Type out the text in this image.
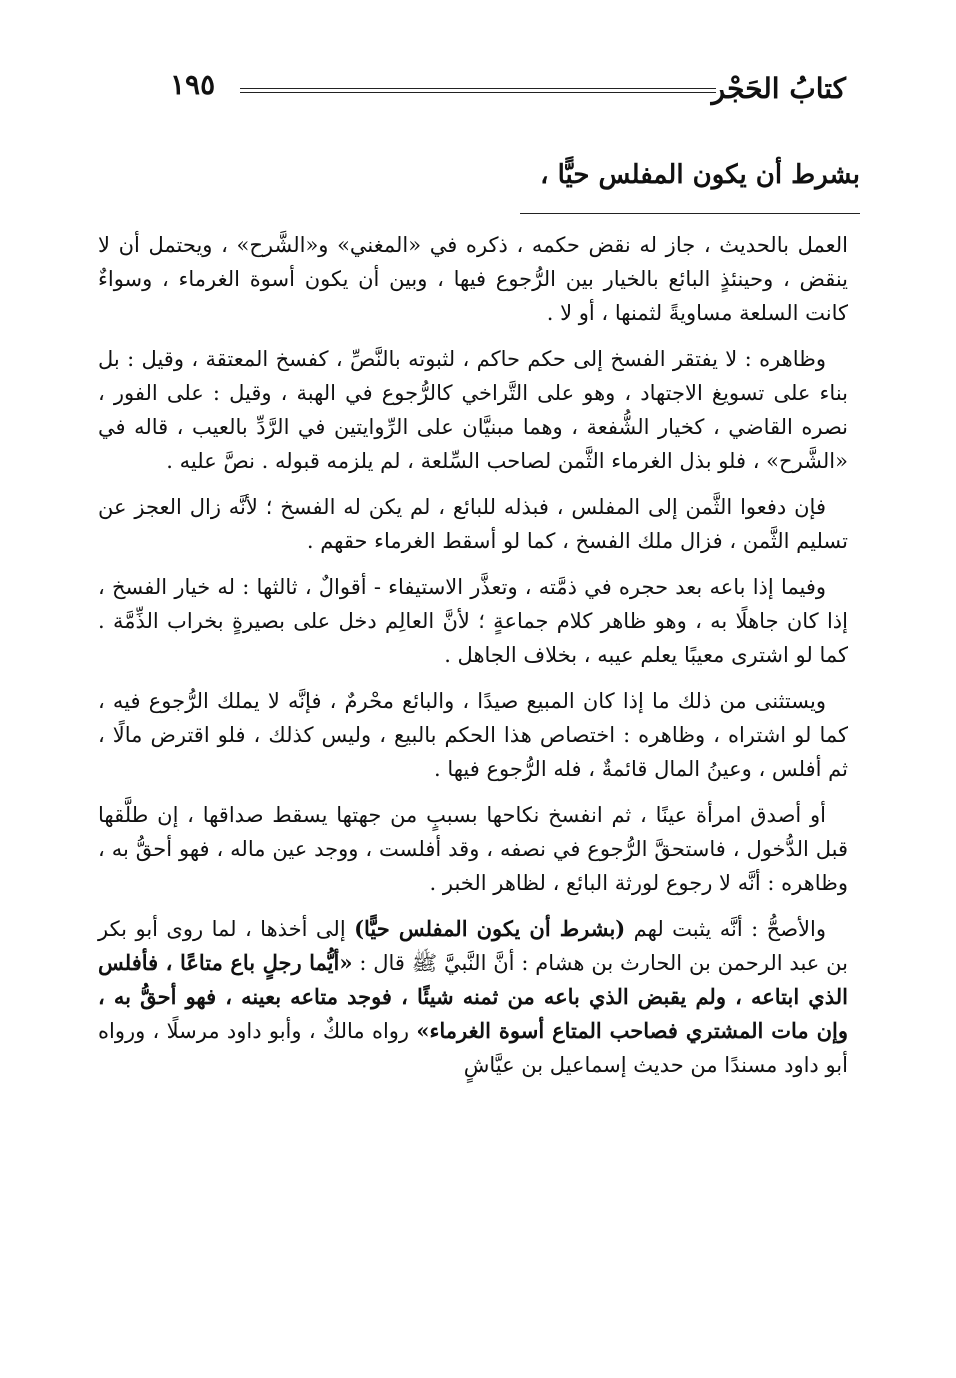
كتابُ الحَجْر
١٩٥
بشرط أن يكون المفلس حيًّا ،

العمل بالحديث ، جاز له نقض حكمه ، ذكره في «المغني» و«الشَّرح» ، ويحتمل أن لا ينقض ، وحينئذٍ البائع بالخيار بين الرُّجوع فيها ، وبين أن يكون أسوة الغرماء ، وسواءٌ كانت السلعة مساويةً لثمنها ، أو لا .

وظاهره : لا يفتقر الفسخ إلى حكم حاكم ، لثبوته بالنَّصِّ ، كفسخ المعتقة ، وقيل : بل بناء على تسويغ الاجتهاد ، وهو على التَّراخي كالرُّجوع في الهبة ، وقيل : على الفور ، نصره القاضي ، كخيار الشُّفعة ، وهما مبنيَّان على الرِّوايتين في الرَّدِّ بالعيب ، قاله في «الشَّرح» ، فلو بذل الغرماء الثَّمن لصاحب السِّلعة ، لم يلزمه قبوله . نصَّ عليه .

فإن دفعوا الثَّمن إلى المفلس ، فبذله للبائع ، لم يكن له الفسخ ؛ لأنَّه زال العجز عن تسليم الثَّمن ، فزال ملك الفسخ ، كما لو أسقط الغرماء حقهم .

وفيما إذا باعه بعد حجره في ذمَّته ، وتعذَّر الاستيفاء - أقوالٌ ، ثالثها : له خيار الفسخ ، إذا كان جاهلًا به ، وهو ظاهر كلام جماعةٍ ؛ لأنَّ العالِم دخل على بصيرةٍ بخراب الذِّمَّة . كما لو اشترى معيبًا يعلم عيبه ، بخلاف الجاهل .

ويستثنى من ذلك ما إذا كان المبيع صيدًا ، والبائع محْرمٌ ، فإنَّه لا يملك الرُّجوع فيه ، كما لو اشتراه ، وظاهره : اختصاص هذا الحكم بالبيع ، وليس كذلك ، فلو اقترض مالًا ، ثم أفلس ، وعينُ المال قائمةٌ ، فله الرُّجوع فيها .

أو أصدق امرأة عينًا ، ثم انفسخ نكاحها بسببٍ من جهتها يسقط صداقها ، إن طلَّقها قبل الدُّخول ، فاستحقَّ الرُّجوع في نصفه ، وقد أفلست ، ووجد عين ماله ، فهو أحقُّ به ، وظاهره : أنَّه لا رجوع لورثة البائع ، لظاهر الخبر .

والأصحُّ : أنَّه يثبت لهم (بشرط أن يكون المفلس حيًّا) إلى أخذها ، لما روى أبو بكر بن عبد الرحمن بن الحارث بن هشام : أنَّ النَّبيَّ ﷺ قال : «أيُّما رجلٍ باع متاعًا ، فأفلس الذي ابتاعه ، ولم يقبض الذي باعه من ثمنه شيئًا ، فوجد متاعه بعينه ، فهو أحقُّ به ، وإن مات المشتري فصاحب المتاع أسوة الغرماء» رواه مالكٌ ، وأبو داود مرسلًا ، ورواه أبو داود مسندًا من حديث إسماعيل بن عيَّاشٍ
